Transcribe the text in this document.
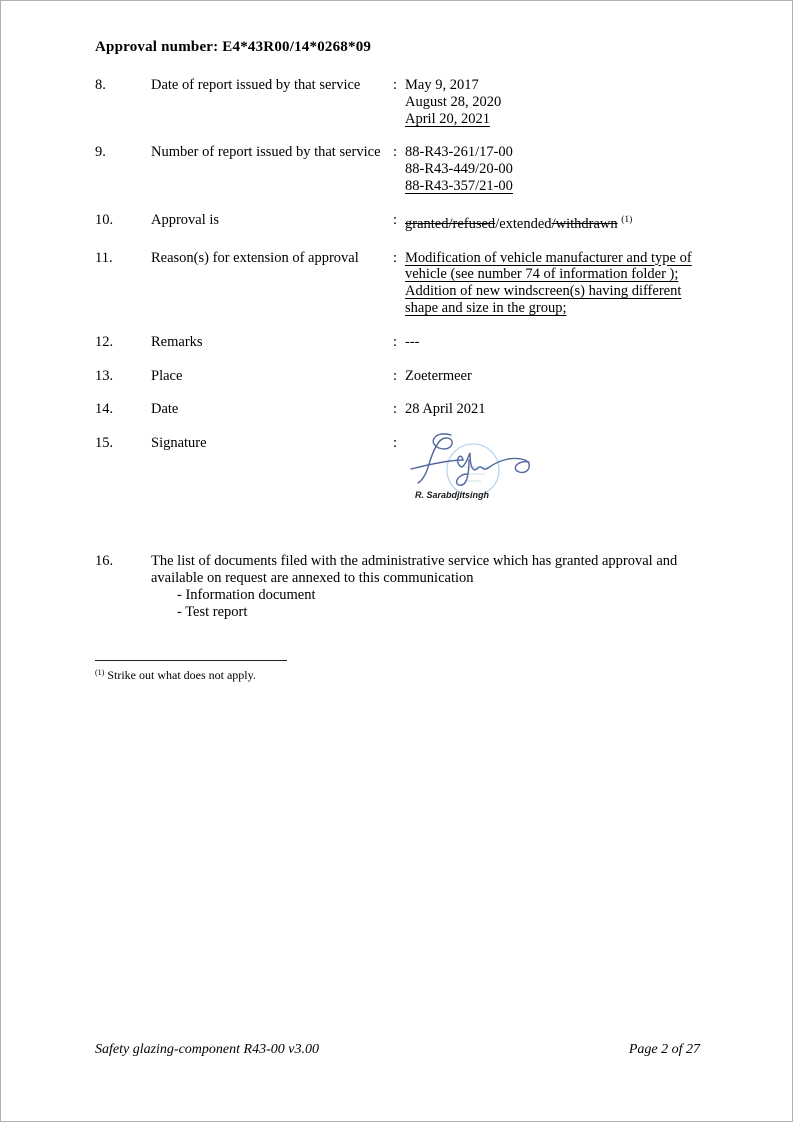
Approval number: E4*43R00/14*0268*09
8.	Date of report issued by that service	: May 9, 2017
August 28, 2020
April 20, 2021
9.	Number of report issued by that service : 88-R43-261/17-00
88-R43-449/20-00
88-R43-357/21-00
10.	Approval is	: granted/refused/extended/withdrawn $^{(1)}$
11.	Reason(s) for extension of approval	: Modification of vehicle manufacturer and type of
vehicle (see number 74 of information folder );
Addition of new windscreen(s) having different
shape and size in the group;
12.	Remarks	: ---
13.	Place	: Zoetermeer
14.	Date	: 28 April 2021
15.	Signature	:
R. Sarabdjitsingh
16.	The list of documents filed with the administrative service which has granted approval and
available on request are annexed to this communication
- Information document
- Test report
$^{(1)}$ Strike out what does not apply.
Safety glazing-component R43-00 v3.00	Page 2 of 27
